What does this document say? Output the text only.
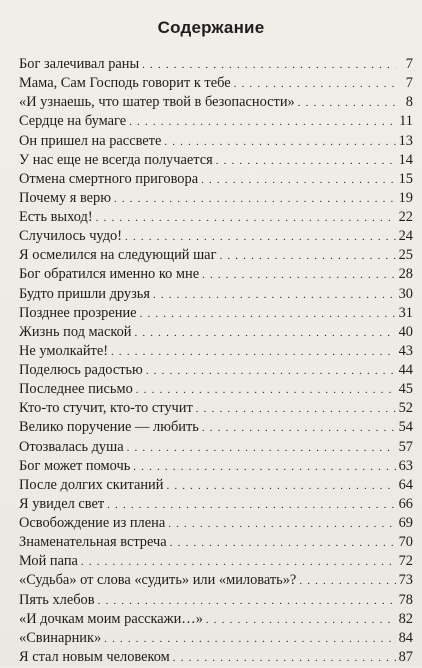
Содержание
Бог залечивал раны . . .	7
Мама, Сам Господь говорит к тебе . . .	7
«И узнаешь, что шатер твой в безопасности» . . .	8
Сердце на бумаге . . .	11
Он пришел на рассвете . . .	13
У нас еще не всегда получается . . .	14
Отмена смертного приговора . . .	15
Почему я верю . . .	19
Есть выход! . . .	22
Случилось чудо! . . .	24
Я осмелился на следующий шаг . . .	25
Бог обратился именно ко мне . . .	28
Будто пришли друзья . . .	30
Позднее прозрение . . .	31
Жизнь под маской . . .	40
Не умолкайте! . . .	43
Поделюсь радостью . . .	44
Последнее письмо . . .	45
Кто-то стучит, кто-то стучит . . .	52
Велико поручение — любить . . .	54
Отозвалась душа . . .	57
Бог может помочь . . .	63
После долгих скитаний . . .	64
Я увидел свет . . .	66
Освобождение из плена . . .	69
Знаменательная встреча . . .	70
Мой папа . . .	72
«Судьба» от слова «судить» или «миловать»? . . .	73
Пять хлебов . . .	78
«И дочкам моим расскажи…» . . .	82
«Свинарник» . . .	84
Я стал новым человеком . . .	87
